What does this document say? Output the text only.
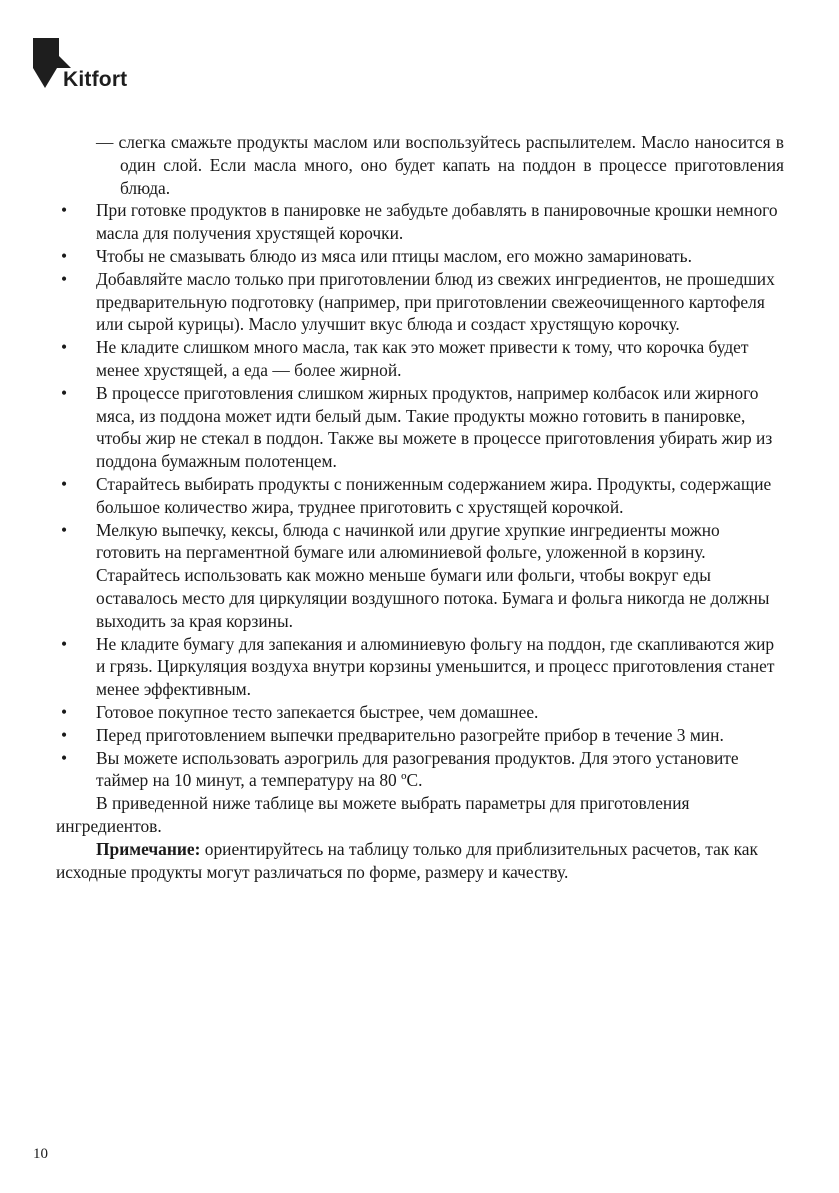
Kitfort

— слегка смажьте продукты маслом или воспользуйтесь распылителем. Масло наносится в один слой. Если масла много, оно будет капать на поддон в процессе приготовления блюда.

• При готовке продуктов в панировке не забудьте добавлять в панировочные крошки немного масла для получения хрустящей корочки.
• Чтобы не смазывать блюдо из мяса или птицы маслом, его можно замариновать.
• Добавляйте масло только при приготовлении блюд из свежих ингредиентов, не прошедших предварительную подготовку (например, при приготовлении свежеочищенного картофеля или сырой курицы). Масло улучшит вкус блюда и создаст хрустящую корочку.
• Не кладите слишком много масла, так как это может привести к тому, что корочка будет менее хрустящей, а еда — более жирной.
• В процессе приготовления слишком жирных продуктов, например колбасок или жирного мяса, из поддона может идти белый дым. Такие продукты можно готовить в панировке, чтобы жир не стекал в поддон. Также вы можете в процессе приготовления убирать жир из поддона бумажным полотенцем.
• Старайтесь выбирать продукты с пониженным содержанием жира. Продукты, содержащие большое количество жира, труднее приготовить с хрустящей корочкой.
• Мелкую выпечку, кексы, блюда с начинкой или другие хрупкие ингредиенты можно готовить на пергаментной бумаге или алюминиевой фольге, уложенной в корзину. Старайтесь использовать как можно меньше бумаги или фольги, чтобы вокруг еды оставалось место для циркуляции воздушного потока. Бумага и фольга никогда не должны выходить за края корзины.
• Не кладите бумагу для запекания и алюминиевую фольгу на поддон, где скапливаются жир и грязь. Циркуляция воздуха внутри корзины уменьшится, и процесс приготовления станет менее эффективным.
• Готовое покупное тесто запекается быстрее, чем домашнее.
• Перед приготовлением выпечки предварительно разогрейте прибор в течение 3 мин.
• Вы можете использовать аэрогриль для разогревания продуктов. Для этого установите таймер на 10 минут, а температуру на 80 ºС.

В приведенной ниже таблице вы можете выбрать параметры для приготовления ингредиентов.

Примечание: ориентируйтесь на таблицу только для приблизительных расчетов, так как исходные продукты могут различаться по форме, размеру и качеству.

10
